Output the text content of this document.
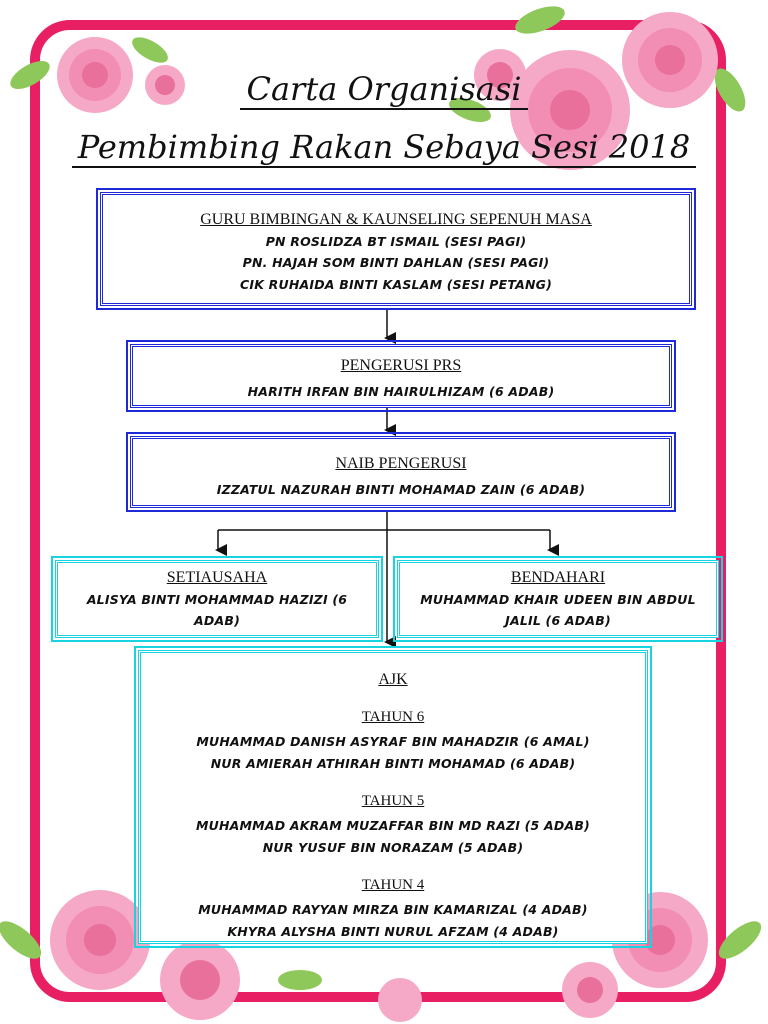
Carta Organisasi
Pembimbing Rakan Sebaya Sesi 2018

GURU BIMBINGAN & KAUNSELING SEPENUH MASA

PN ROSLIDZA BT ISMAIL (SESI PAGI)
PN. HAJAH SOM BINTI DAHLAN (SESI PAGI)
CIK RUHAIDA BINTI KASLAM (SESI PETANG)

PENGERUSI PRS

HARITH IRFAN BIN HAIRULHIZAM (6 ADAB)

NAIB PENGERUSI

IZZATUL NAZURAH BINTI MOHAMAD ZAIN (6 ADAB)

SETIAUSAHA

ALISYA BINTI MOHAMMAD HAZIZI (6 ADAB)

BENDAHARI

MUHAMMAD KHAIR UDEEN BIN ABDUL JALIL (6 ADAB)

AJK

TAHUN 6

MUHAMMAD DANISH ASYRAF BIN MAHADZIR (6 AMAL)
NUR AMIERAH ATHIRAH BINTI MOHAMAD (6 ADAB)

TAHUN 5

MUHAMMAD AKRAM MUZAFFAR BIN MD RAZI (5 ADAB)
NUR YUSUF BIN NORAZAM (5 ADAB)

TAHUN 4

MUHAMMAD RAYYAN MIRZA BIN KAMARIZAL (4 ADAB)
KHYRA ALYSHA BINTI NURUL AFZAM (4 ADAB)
